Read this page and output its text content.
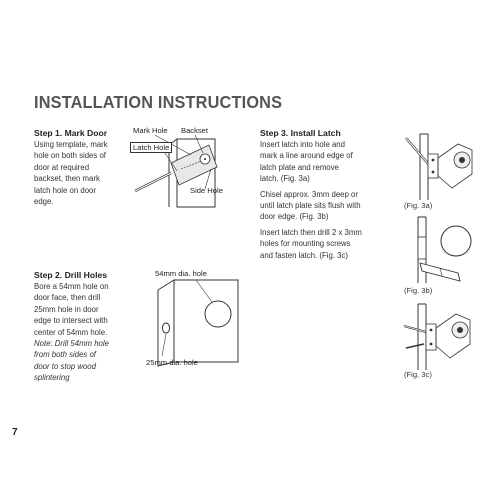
INSTALLATION INSTRUCTIONS
Step 1. Mark Door

Using template, mark

hole on both sides of

door at required

backset, then mark

latch hole on door

edge.

Mark Hole Backset
Latch Hole
Side Hole
Step 2. Drill Holes

Bore a 54mm hole on

door face, then drill

25mm hole in door

edge to intersect with

center of 54mm hole.

Note: Drill 54mm hole

from both sides of

door to stop wood

splintering

54mm dia. hole
25mm dia. hole
Step 3. Install Latch

Insert latch into hole and

mark a line around edge of

latch plate and remove

latch. (Fig. 3a)

Chisel approx. 3mm deep or

until latch plate sits flush with

door edge. (Fig. 3b)

Insert latch then drill 2 x 3mm

holes for mounting screws

and fasten latch. (Fig. 3c)

(Fig. 3a)
(Fig. 3b)
(Fig. 3c)
7
